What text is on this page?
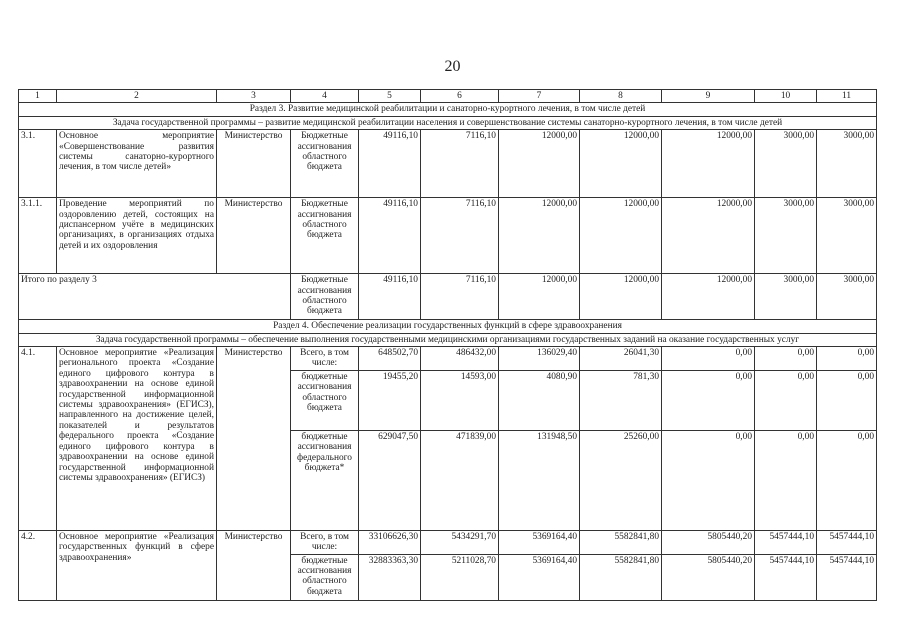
20
1	2	3	4	5	6	7	8	9	10	11
Раздел 3. Развитие медицинской реабилитации и санаторно-курортного лечения, в том числе детей										
Задача государственной программы – развитие медицинской реабилитации населения и совершенствование системы санаторно-курортного лечения, в том числе детей										
3.1.	Основное мероприятие «Совершенствование развития системы санаторно-курортного лечения, в том числе детей»	Министерство	Бюджетные ассигнования областного бюджета	49116,10	7116,10	12000,00	12000,00	12000,00	3000,00	3000,00
3.1.1.	Проведение мероприятий по оздоровлению детей, состоящих на диспансерном учёте в медицинских организациях, в организациях отдыха детей и их оздоровления	Министерство	Бюджетные ассигнования областного бюджета	49116,10	7116,10	12000,00	12000,00	12000,00	3000,00	3000,00
Итого по разделу 3			Бюджетные ассигнования областного бюджета	49116,10	7116,10	12000,00	12000,00	12000,00	3000,00	3000,00
Раздел 4. Обеспечение реализации государственных функций в сфере здравоохранения										
Задача государственной программы – обеспечение выполнения государственными медицинскими организациями государственных заданий на оказание государственных услуг										
4.1.	Основное мероприятие «Реализация регионального проекта «Создание единого цифрового контура в здравоохранении на основе единой государственной информационной системы здравоохранения» (ЕГИСЗ), направленного на достижение целей, показателей и результатов федерального проекта «Создание единого цифрового контура в здравоохранении на основе единой государственной информационной системы здравоохранения» (ЕГИСЗ)	Министерство	Всего, в том числе:	648502,70	486432,00	136029,40	26041,30	0,00	0,00	0,00
			бюджетные ассигнования областного бюджета	19455,20	14593,00	4080,90	781,30	0,00	0,00	0,00
			бюджетные ассигнования федерального бюджета*	629047,50	471839,00	131948,50	25260,00	0,00	0,00	0,00
4.2.	Основное мероприятие «Реализация государственных функций в сфере здравоохранения»	Министерство	Всего, в том числе:	33106626,30	5434291,70	5369164,40	5582841,80	5805440,20	5457444,10	5457444,10
			бюджетные ассигнования областного бюджета	32883363,30	5211028,70	5369164,40	5582841,80	5805440,20	5457444,10	5457444,10
